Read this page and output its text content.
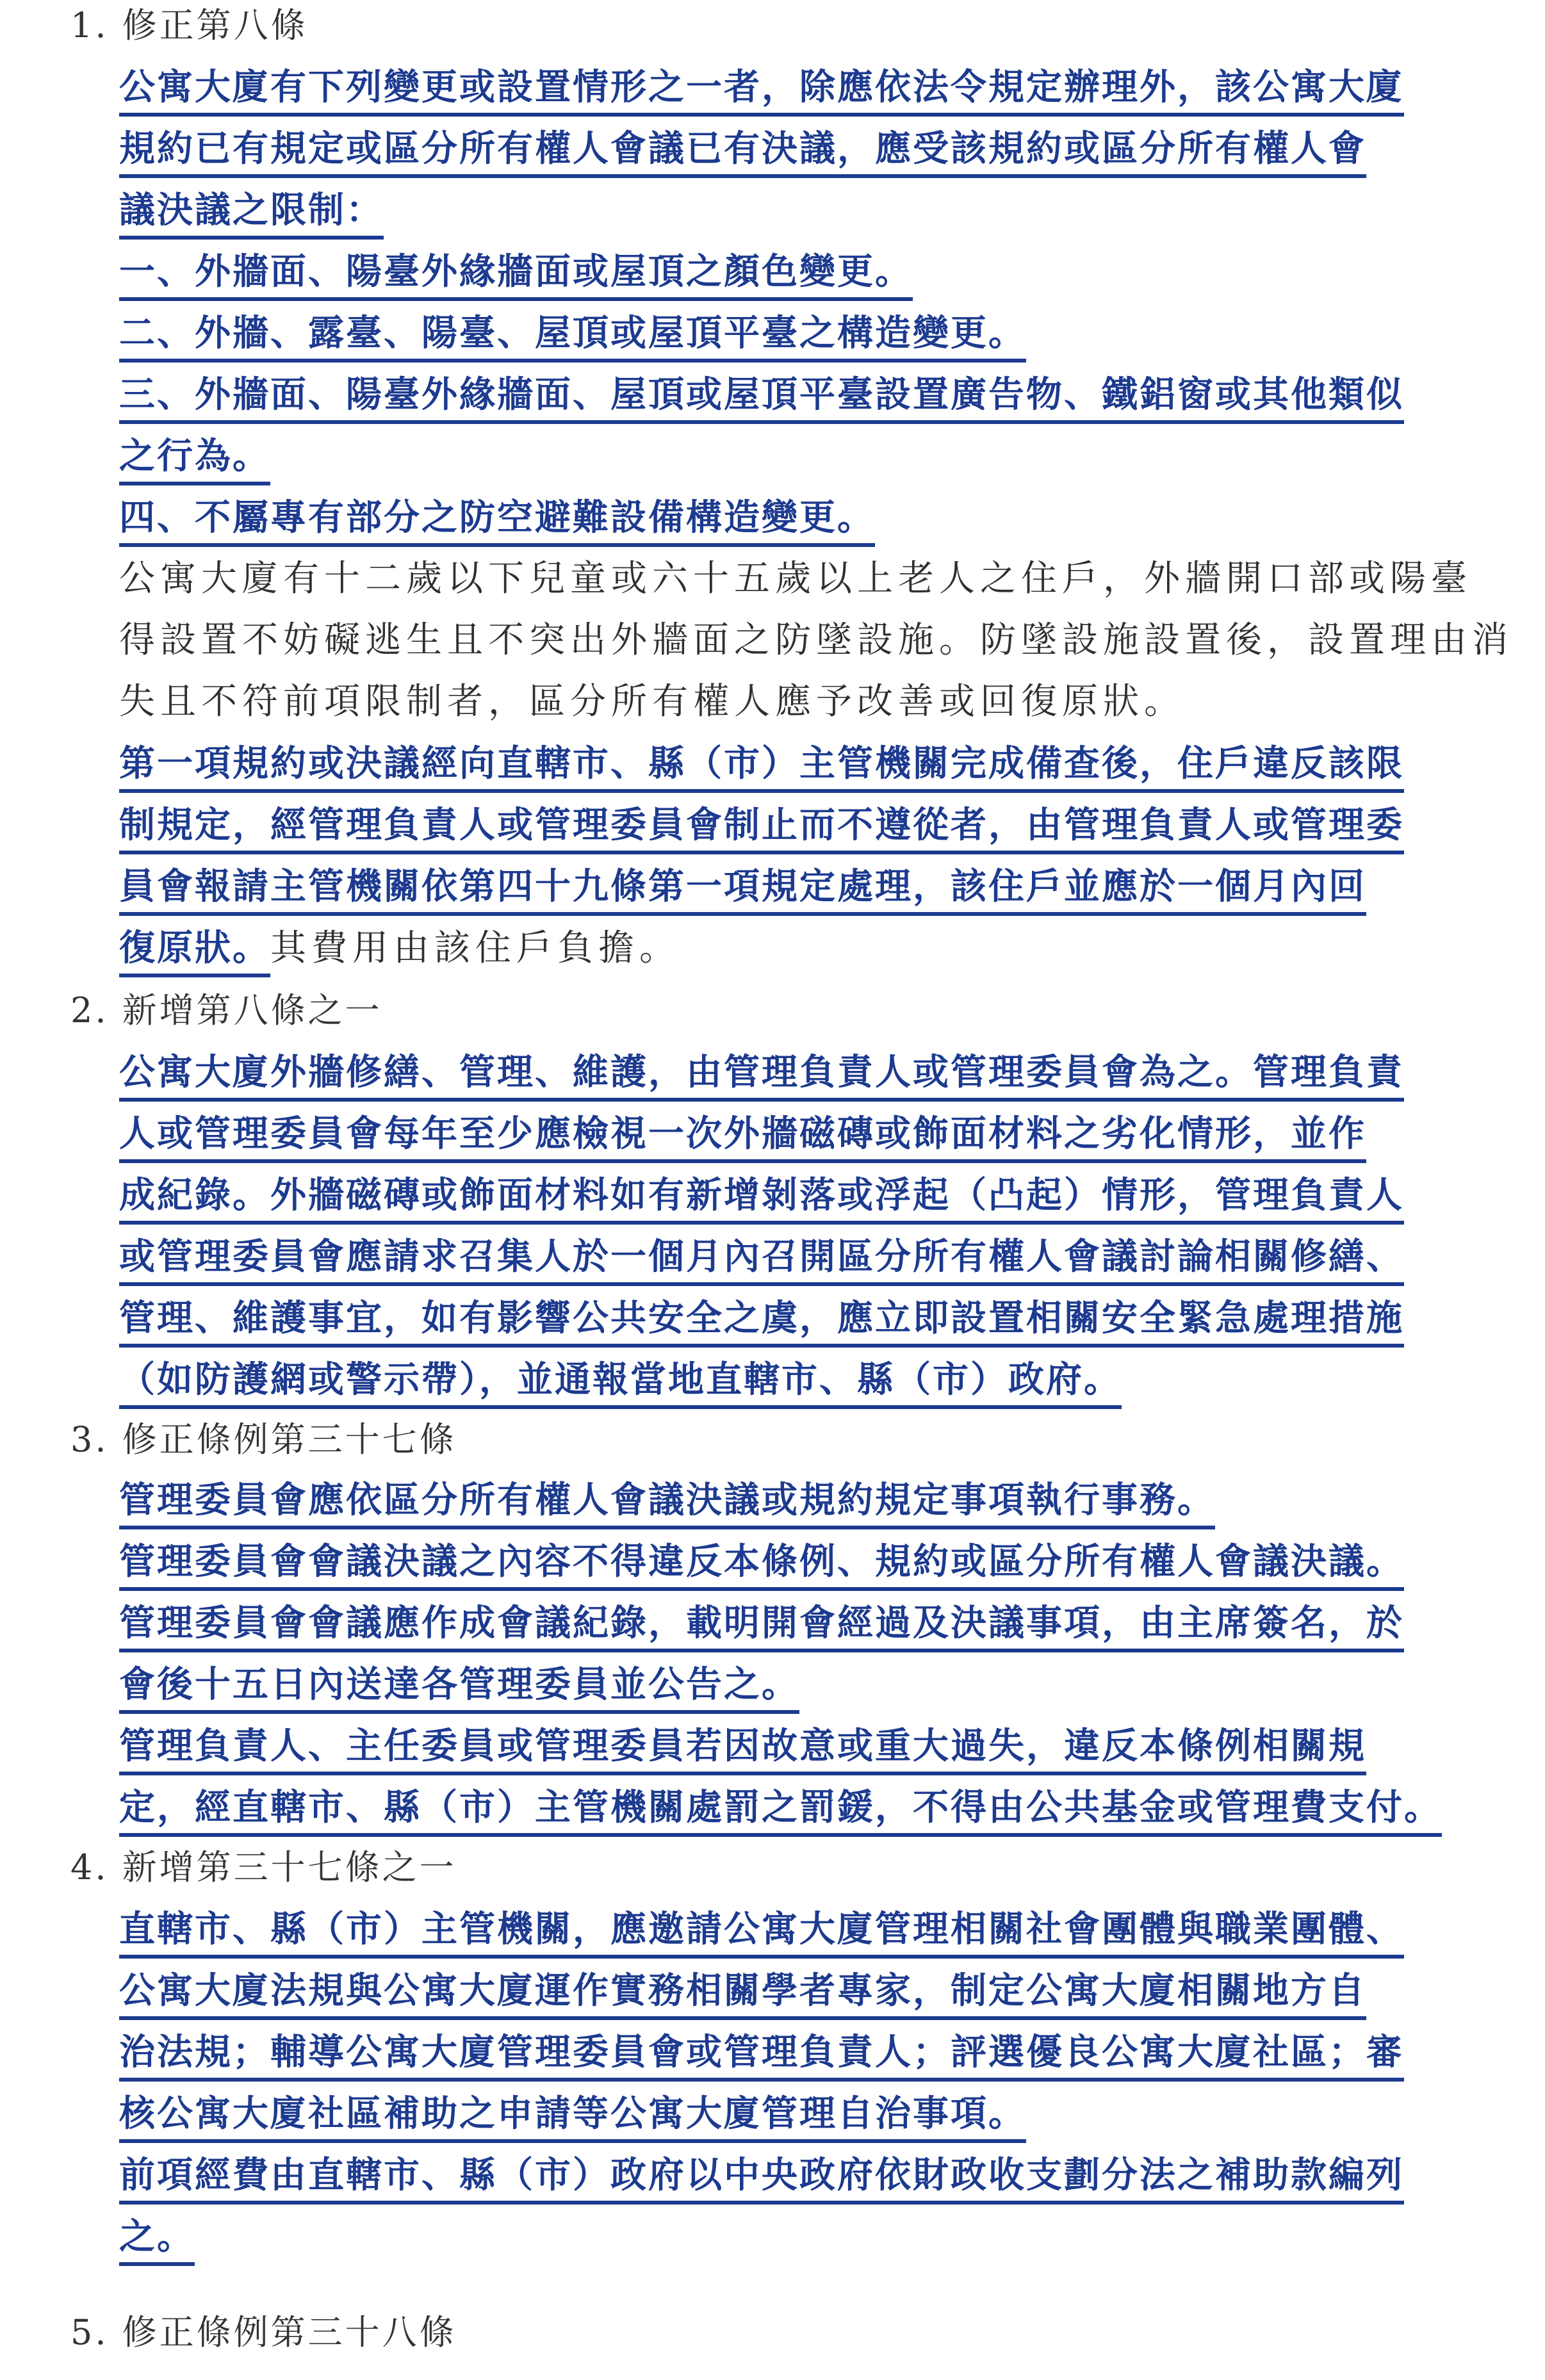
1. 修正第八條
公寓大廈有下列變更或設置情形之一者，除應依法令規定辦理外，該公寓大廈
規約已有規定或區分所有權人會議已有決議，應受該規約或區分所有權人會
議決議之限制：
一、外牆面、陽臺外緣牆面或屋頂之顏色變更。
二、外牆、露臺、陽臺、屋頂或屋頂平臺之構造變更。
三、外牆面、陽臺外緣牆面、屋頂或屋頂平臺設置廣告物、鐵鋁窗或其他類似
之行為。
四、不屬專有部分之防空避難設備構造變更。
公寓大廈有十二歲以下兒童或六十五歲以上老人之住戶，外牆開口部或陽臺
得設置不妨礙逃生且不突出外牆面之防墜設施。防墜設施設置後，設置理由消
失且不符前項限制者，區分所有權人應予改善或回復原狀。
第一項規約或決議經向直轄市、縣（市）主管機關完成備查後，住戶違反該限
制規定，經管理負責人或管理委員會制止而不遵從者，由管理負責人或管理委
員會報請主管機關依第四十九條第一項規定處理，該住戶並應於一個月內回
復原狀。其費用由該住戶負擔。
2. 新增第八條之一
公寓大廈外牆修繕、管理、維護，由管理負責人或管理委員會為之。管理負責
人或管理委員會每年至少應檢視一次外牆磁磚或飾面材料之劣化情形，並作
成紀錄。外牆磁磚或飾面材料如有新增剝落或浮起（凸起）情形，管理負責人
或管理委員會應請求召集人於一個月內召開區分所有權人會議討論相關修繕、
管理、維護事宜，如有影響公共安全之虞，應立即設置相關安全緊急處理措施
（如防護網或警示帶），並通報當地直轄市、縣（市）政府。
3. 修正條例第三十七條
管理委員會應依區分所有權人會議決議或規約規定事項執行事務。
管理委員會會議決議之內容不得違反本條例、規約或區分所有權人會議決議。
管理委員會會議應作成會議紀錄，載明開會經過及決議事項，由主席簽名，於
會後十五日內送達各管理委員並公告之。
管理負責人、主任委員或管理委員若因故意或重大過失，違反本條例相關規
定，經直轄市、縣（市）主管機關處罰之罰鍰，不得由公共基金或管理費支付。
4. 新增第三十七條之一
直轄市、縣（市）主管機關，應邀請公寓大廈管理相關社會團體與職業團體、
公寓大廈法規與公寓大廈運作實務相關學者專家，制定公寓大廈相關地方自
治法規；輔導公寓大廈管理委員會或管理負責人；評選優良公寓大廈社區；審
核公寓大廈社區補助之申請等公寓大廈管理自治事項。
前項經費由直轄市、縣（市）政府以中央政府依財政收支劃分法之補助款編列
之。
5. 修正條例第三十八條
